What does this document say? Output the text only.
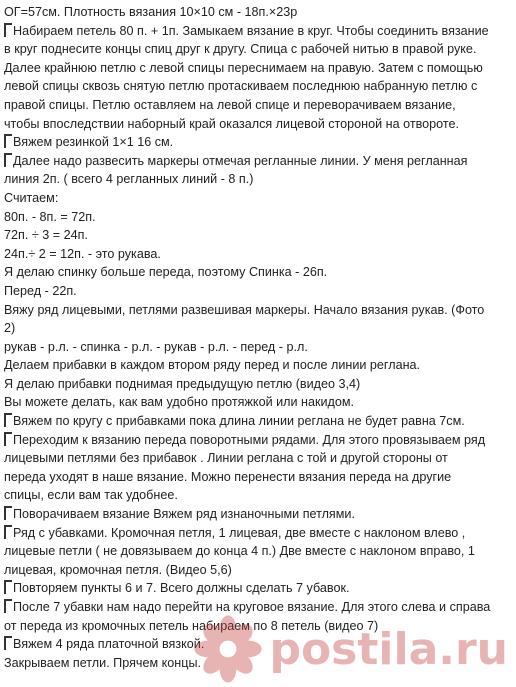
ОГ=57см. Плотность вязания 10×10 см - 18п.×23р
Набираем петель 80 п. + 1п. Замыкаем вязание в круг. Чтобы соединить вязание
в круг поднесите концы спиц друг к другу. Спица с рабочей нитью в правой руке.
Далее крайнюю петлю с левой спицы переснимаем на правую. Затем с помощью
левой спицы сквозь снятую петлю протаскиваем последнюю набранную петлю с
правой спицы. Петлю оставляем на левой спице и переворачиваем вязание,
чтобы впоследствии наборный край оказался лицевой стороной на отвороте.
Вяжем резинкой 1×1 16 см.
Далее надо развесить маркеры отмечая регланные линии. У меня регланная
линия 2п. ( всего 4 регланных линий - 8 п.)
Считаем:
80п. - 8п. = 72п.
72п. ÷ 3 = 24п.
24п.÷ 2 = 12п. - это рукава.
Я делаю спинку больше переда, поэтому Спинка - 26п.
Перед - 22п.
Вяжу ряд лицевыми, петлями развешивая маркеры. Начало вязания рукав. (Фото
2)
рукав - р.л. - спинка - р.л. - рукав - р.л. - перед - р.л.
Делаем прибавки в каждом втором ряду перед и после линии реглана.
Я делаю прибавки поднимая предыдущую петлю (видео 3,4)
Вы можете делать, как вам удобно протяжкой или накидом.
Вяжем по кругу с прибавками пока длина линии реглана не будет равна 7см.
Переходим к вязанию переда поворотными рядами. Для этого провязываем ряд
лицевыми петлями без прибавок . Линии реглана с той и другой стороны от
переда уходят в наше вязание. Можно перенести вязания переда на другие
спицы, если вам так удобнее.
Поворачиваем вязание Вяжем ряд изнаночными петлями.
Ряд с убавками. Кромочная петля, 1 лицевая, две вместе с наклоном влево ,
лицевые петли ( не довязываем до конца 4 п.) Две вместе с наклоном вправо, 1
лицевая, кромочная петля. (Видео 5,6)
Повторяем пункты 6 и 7. Всего должны сделать 7 убавок.
После 7 убавки нам надо перейти на круговое вязание. Для этого слева и справа
от переда из кромочных петель набираем по 8 петель (видео 7)
Вяжем 4 ряда платочной вязкой.
Закрываем петли. Прячем концы.	postila.ru
